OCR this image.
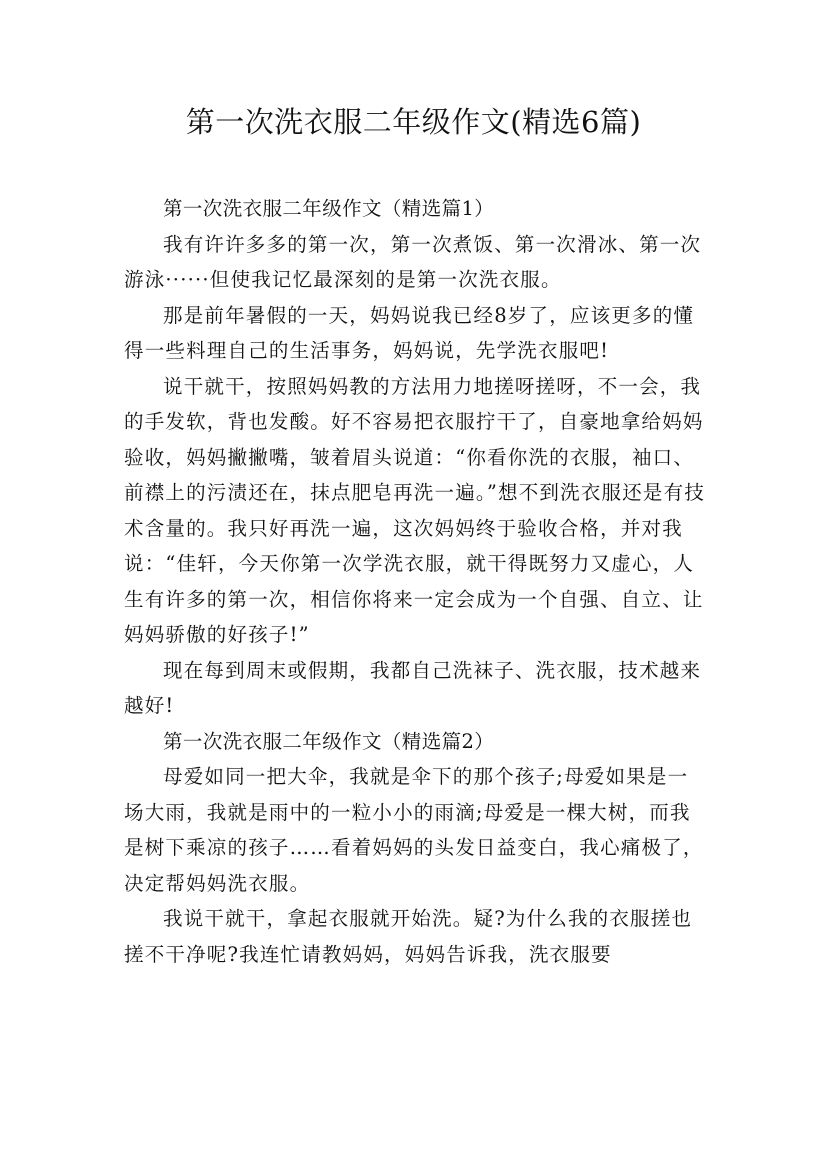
第一次洗衣服二年级作文(精选6篇)

第一次洗衣服二年级作文（精选篇1）

我有许许多多的第一次，第一次煮饭、第一次滑冰、第一次游泳······但使我记忆最深刻的是第一次洗衣服。

那是前年暑假的一天，妈妈说我已经8岁了，应该更多的懂得一些料理自己的生活事务，妈妈说，先学洗衣服吧!

说干就干，按照妈妈教的方法用力地搓呀搓呀，不一会，我的手发软，背也发酸。好不容易把衣服拧干了，自豪地拿给妈妈验收，妈妈撇撇嘴，皱着眉头说道：“你看你洗的衣服，袖口、前襟上的污渍还在，抹点肥皂再洗一遍。”想不到洗衣服还是有技术含量的。我只好再洗一遍，这次妈妈终于验收合格，并对我说：“佳轩，今天你第一次学洗衣服，就干得既努力又虚心，人生有许多的第一次，相信你将来一定会成为一个自强、自立、让妈妈骄傲的好孩子!”

现在每到周末或假期，我都自己洗袜子、洗衣服，技术越来越好!

第一次洗衣服二年级作文（精选篇2）

母爱如同一把大伞，我就是伞下的那个孩子;母爱如果是一场大雨，我就是雨中的一粒小小的雨滴;母爱是一棵大树，而我是树下乘凉的孩子……看着妈妈的头发日益变白，我心痛极了，决定帮妈妈洗衣服。

我说干就干，拿起衣服就开始洗。疑?为什么我的衣服搓也搓不干净呢?我连忙请教妈妈，妈妈告诉我，洗衣服要
